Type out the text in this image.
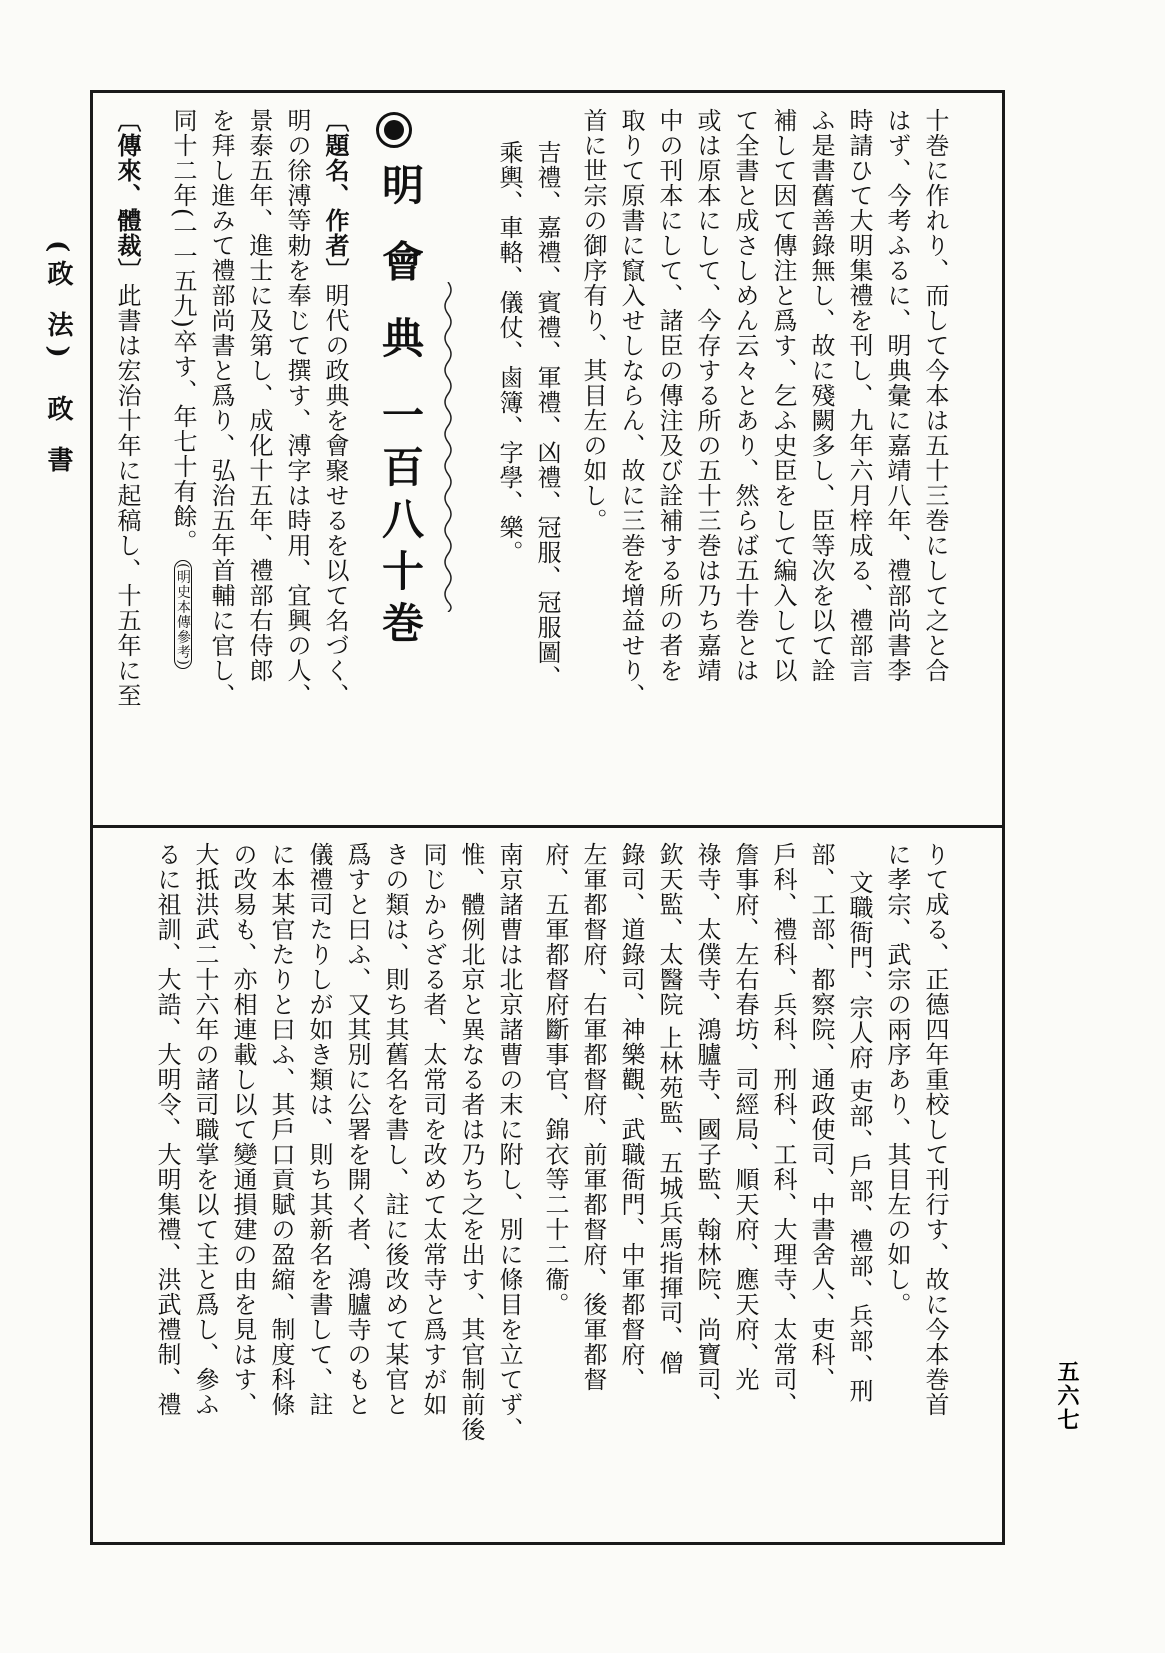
(政 法)
政 書
五六七
十巻に作れり、而して今本は五十三巻にして之と合
はず、今考ふるに、明典彙に嘉靖八年、禮部尚書李
時請ひて大明集禮を刊し、九年六月梓成る、禮部言
ふ是書舊善錄無し、故に殘闕多し、臣等次を以て詮
補して因て傳注と爲す、乞ふ史臣をして編入して以
て全書と成さしめん云々とあり、然らば五十巻とは
或は原本にして、今存する所の五十三巻は乃ち嘉靖
中の刊本にして、諸臣の傳注及び詮補する所の者を
取りて原書に竄入せしならん、故に三巻を增益せり、
首に世宗の御序有り、其目左の如し。
吉禮、嘉禮、賓禮、軍禮、凶禮、冠服、冠服圖、
乘輿、車輅、儀仗、鹵簿、字學、樂。
明 會 典 一百八十巻
〔題名、作者〕明代の政典を會聚せるを以て名づく、
明の徐溥等勅を奉じて撰す、溥字は時用、宜興の人、
景泰五年、進士に及第し、成化十五年、禮部右侍郎
を拜し進みて禮部尚書と爲り、弘治五年首輔に官し、
同十二年(一一五九)卒す、年七十有餘。(明史本傳參考)
〔傳來、體裁〕此書は宏治十年に起稿し、十五年に至
りて成る、正德四年重校して刊行す、故に今本巻首
に孝宗、武宗の兩序あり、其目左の如し。
文職衙門、宗人府 吏部、戶部、禮部、兵部、刑
部、工部、都察院、通政使司、中書舍人、吏科、
戶科、禮科、兵科、刑科、工科、大理寺、太常司、
詹事府、左右春坊、司經局、順天府、應天府、光
祿寺、太僕寺、鴻臚寺、國子監、翰林院、尚寶司、
欽天監、太醫院 上林苑監、五城兵馬指揮司、僧
錄司、道錄司、神樂觀、武職衙門、中軍都督府、
左軍都督府、右軍都督府、前軍都督府、後軍都督
府、五軍都督府斷事官、錦衣等二十二衞。
南京諸曹は北京諸曹の末に附し、別に條目を立てず、
惟、體例北京と異なる者は乃ち之を出す、其官制前後
同じからざる者、太常司を改めて太常寺と爲すが如
きの類は、則ち其舊名を書し、註に後改めて某官と
爲すと曰ふ、又其別に公署を開く者、鴻臚寺のもと
儀禮司たりしが如き類は、則ち其新名を書して、註
に本某官たりと曰ふ、其戶口貢賦の盈縮、制度科條
の改易も、亦相連載し以て變通損建の由を見はす、
大抵洪武二十六年の諸司職掌を以て主と爲し、參ふ
るに祖訓、大誥、大明令、大明集禮、洪武禮制、禮
